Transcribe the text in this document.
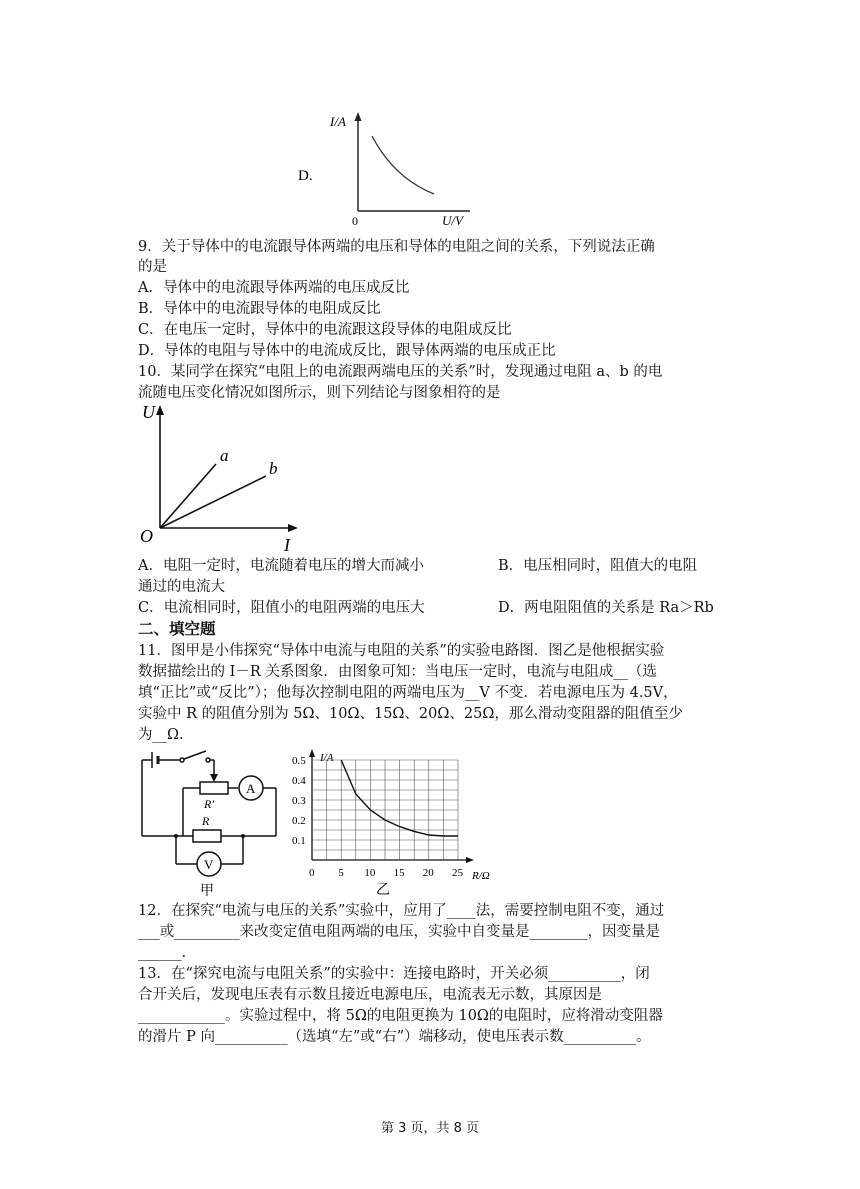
D.
I/A
0	U/V
9．关于导体中的电流跟导体两端的电压和导体的电阻之间的关系，下列说法正确
的是
A．导体中的电流跟导体两端的电压成反比
B．导体中的电流跟导体的电阻成反比
C．在电压一定时，导体中的电流跟这段导体的电阻成反比
D．导体的电阻与导体中的电流成反比，跟导体两端的电压成正比
10．某同学在探究“电阻上的电流跟两端电压的关系”时，发现通过电阻 a、b 的电
流随电压变化情况如图所示，则下列结论与图象相符的是
U
O	I
a
b
A．电阻一定时，电流随着电压的增大而减小	B．电压相同时，阻值大的电阻
通过的电流大
C．电流相同时，阻值小的电阻两端的电压大	D．两电阻阻值的关系是 Ra＞Rb
二、填空题
11．图甲是小伟探究“导体中电流与电阻的关系”的实验电路图．图乙是他根据实验
数据描绘出的 I－R 关系图象．由图象可知：当电压一定时，电流与电阻成__（选
填“正比”或“反比”）；他每次控制电阻的两端电压为__V 不变．若电源电压为 4.5V，
实验中 R 的阻值分别为 5Ω、10Ω、15Ω、20Ω、25Ω，那么滑动变阻器的阻值至少
为__Ω.
R'
A
R
V
甲
I/A
R/Ω
乙
0.1
0.2
0.3
0.4
0.5
0 5 10 15 20 25
12．在探究“电流与电压的关系”实验中，应用了____法，需要控制电阻不变，通过
___或_________来改变定值电阻两端的电压，实验中自变量是________，因变量是
______.
13．在“探究电流与电阻关系”的实验中：连接电路时，开关必须__________，闭
合开关后，发现电压表有示数且接近电源电压，电流表无示数，其原因是
____________。实验过程中，将 5Ω的电阻更换为 10Ω的电阻时，应将滑动变阻器
的滑片 P 向__________（选填“左”或“右”）端移动，使电压表示数__________。
第 3 页，共 8 页
